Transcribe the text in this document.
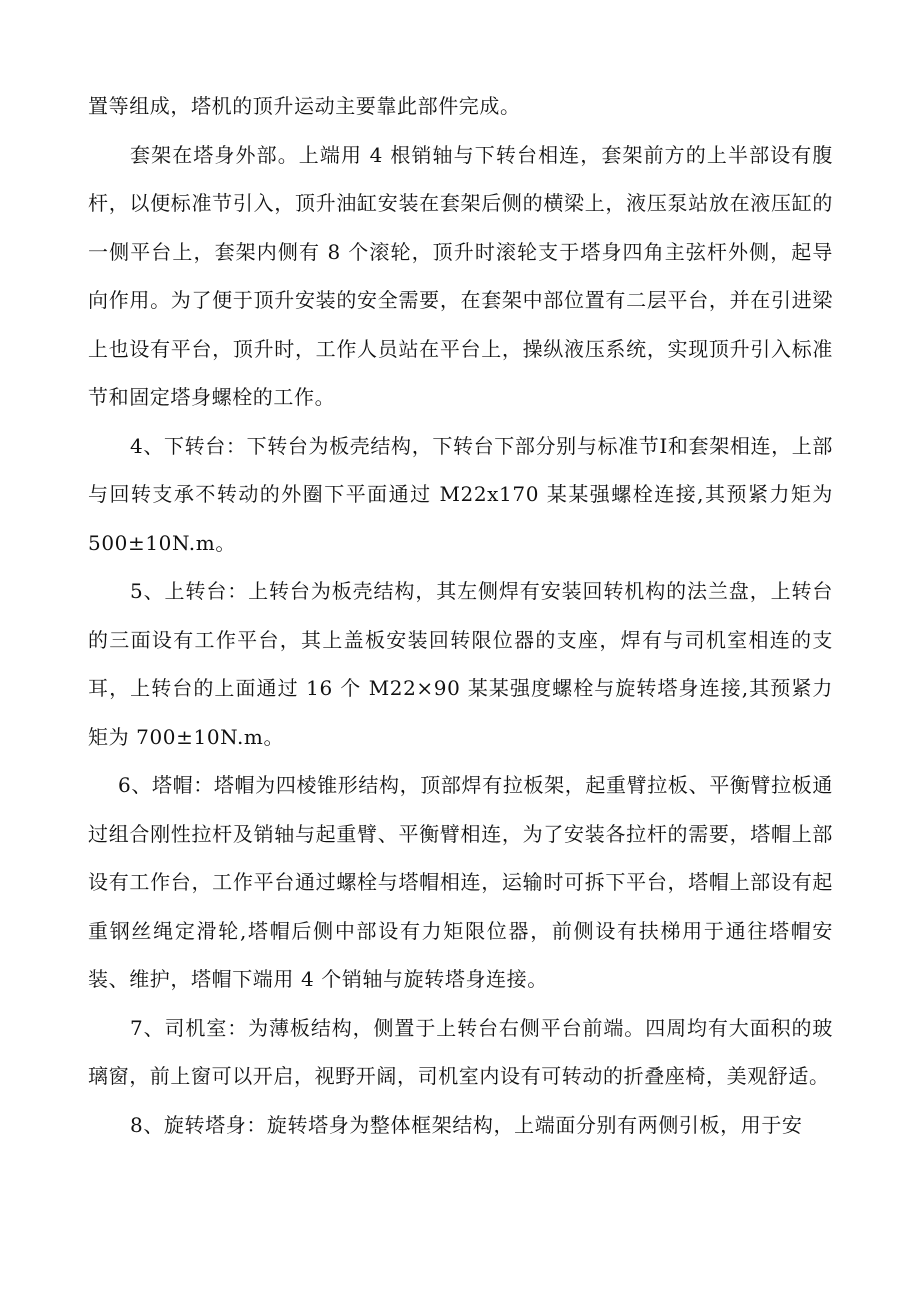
置等组成，塔机的顶升运动主要靠此部件完成。

套架在塔身外部。上端用 4 根销轴与下转台相连，套架前方的上半部设有腹杆，以便标准节引入，顶升油缸安装在套架后侧的横梁上，液压泵站放在液压缸的一侧平台上，套架内侧有 8 个滚轮，顶升时滚轮支于塔身四角主弦杆外侧，起导向作用。为了便于顶升安装的安全需要，在套架中部位置有二层平台，并在引进梁上也设有平台，顶升时，工作人员站在平台上，操纵液压系统，实现顶升引入标准节和固定塔身螺栓的工作。

4、下转台：下转台为板壳结构，下转台下部分别与标准节Ⅰ和套架相连，上部与回转支承不转动的外圈下平面通过 M22x170 某某强螺栓连接,其预紧力矩为 500±10N.m。

5、上转台：上转台为板壳结构，其左侧焊有安装回转机构的法兰盘，上转台的三面设有工作平台，其上盖板安装回转限位器的支座，焊有与司机室相连的支耳，上转台的上面通过 16 个 M22×90 某某强度螺栓与旋转塔身连接,其预紧力矩为 700±10N.m。

6、塔帽：塔帽为四棱锥形结构，顶部焊有拉板架，起重臂拉板、平衡臂拉板通过组合刚性拉杆及销轴与起重臂、平衡臂相连，为了安装各拉杆的需要，塔帽上部设有工作台，工作平台通过螺栓与塔帽相连，运输时可拆下平台，塔帽上部设有起重钢丝绳定滑轮,塔帽后侧中部设有力矩限位器，前侧设有扶梯用于通往塔帽安装、维护，塔帽下端用 4 个销轴与旋转塔身连接。

7、司机室：为薄板结构，侧置于上转台右侧平台前端。四周均有大面积的玻璃窗，前上窗可以开启，视野开阔，司机室内设有可转动的折叠座椅，美观舒适。

8、旋转塔身：旋转塔身为整体框架结构，上端面分别有两侧引板，用于安
